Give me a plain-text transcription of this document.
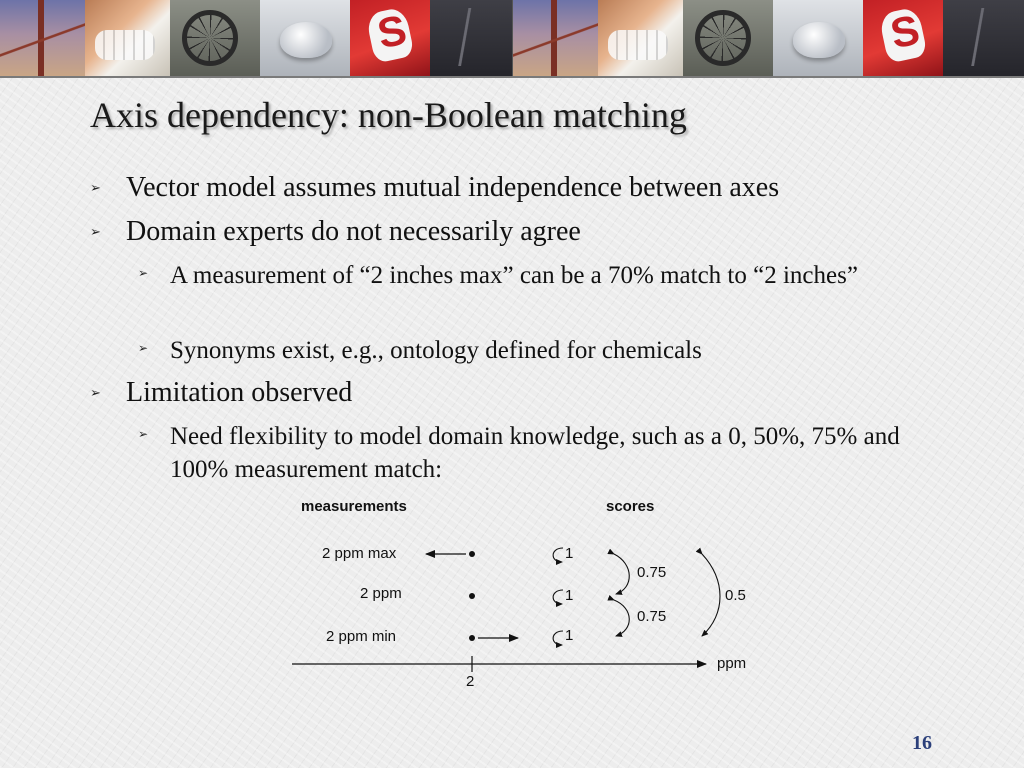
S
S
Axis dependency: non-Boolean matching
➢ Vector model assumes mutual independence between axes
➢ Domain experts do not necessarily agree
➢ A measurement of “2 inches max” can be a 70% match to “2 inches”
➢ Synonyms exist, e.g., ontology defined for chemicals
➢ Limitation observed
➢ Need flexibility to model domain knowledge, such as a 0, 50%, 75% and 100% measurement match:
measurements	scores
2 ppm max
2 ppm
2 ppm min
1
1
1
0.75
0.75
0.5
ppm
2
16
